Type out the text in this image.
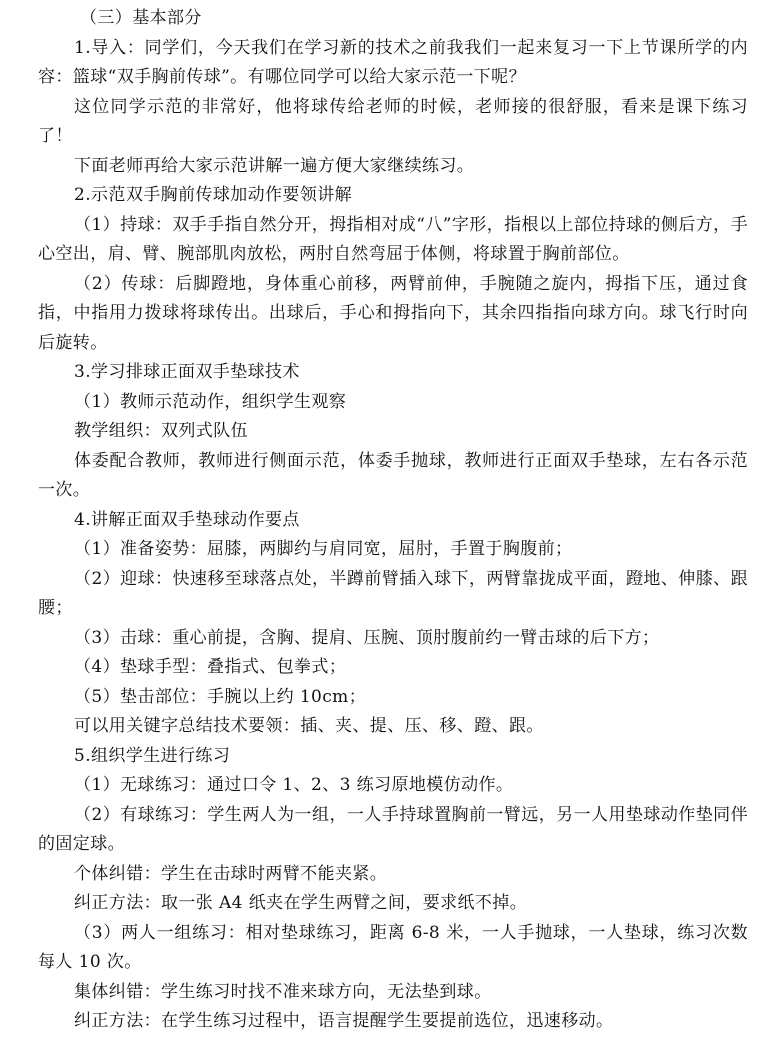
（三）基本部分

1.导入：同学们，今天我们在学习新的技术之前我我们一起来复习一下上节课所学的内容：篮球“双手胸前传球”。有哪位同学可以给大家示范一下呢？

这位同学示范的非常好，他将球传给老师的时候，老师接的很舒服，看来是课下练习了！

下面老师再给大家示范讲解一遍方便大家继续练习。

2.示范双手胸前传球加动作要领讲解

（1）持球：双手手指自然分开，拇指相对成“八”字形，指根以上部位持球的侧后方，手心空出，肩、臂、腕部肌肉放松，两肘自然弯屈于体侧，将球置于胸前部位。

（2）传球：后脚蹬地，身体重心前移，两臂前伸，手腕随之旋内，拇指下压，通过食指，中指用力拨球将球传出。出球后，手心和拇指向下，其余四指指向球方向。球飞行时向后旋转。

3.学习排球正面双手垫球技术

（1）教师示范动作，组织学生观察

教学组织：双列式队伍

体委配合教师，教师进行侧面示范，体委手抛球，教师进行正面双手垫球，左右各示范一次。

4.讲解正面双手垫球动作要点

（1）准备姿势：屈膝，两脚约与肩同宽，屈肘，手置于胸腹前；

（2）迎球：快速移至球落点处，半蹲前臂插入球下，两臂靠拢成平面，蹬地、伸膝、跟腰；

（3）击球：重心前提，含胸、提肩、压腕、顶肘腹前约一臂击球的后下方；

（4）垫球手型：叠指式、包拳式；

（5）垫击部位：手腕以上约 10cm；

可以用关键字总结技术要领：插、夹、提、压、移、蹬、跟。

5.组织学生进行练习

（1）无球练习：通过口令 1、2、3 练习原地模仿动作。

（2）有球练习：学生两人为一组，一人手持球置胸前一臂远，另一人用垫球动作垫同伴的固定球。

个体纠错：学生在击球时两臂不能夹紧。

纠正方法：取一张 A4 纸夹在学生两臂之间，要求纸不掉。

（3）两人一组练习：相对垫球练习，距离 6-8 米，一人手抛球，一人垫球，练习次数每人 10 次。

集体纠错：学生练习时找不准来球方向，无法垫到球。

纠正方法：在学生练习过程中，语言提醒学生要提前选位，迅速移动。
